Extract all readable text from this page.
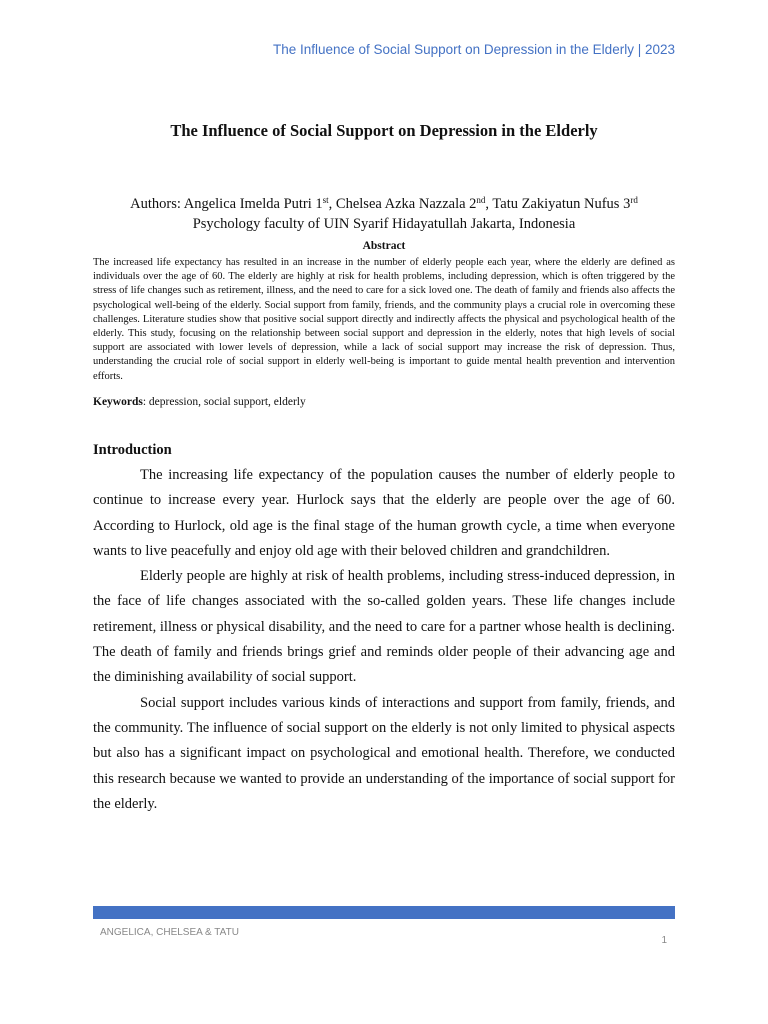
The Influence of Social Support on Depression in the Elderly | 2023
The Influence of Social Support on Depression in the Elderly
Authors: Angelica Imelda Putri 1st, Chelsea Azka Nazzala 2nd, Tatu Zakiyatun Nufus 3rd
Psychology faculty of UIN Syarif Hidayatullah Jakarta, Indonesia
Abstract

The increased life expectancy has resulted in an increase in the number of elderly people each year, where the elderly are defined as individuals over the age of 60. The elderly are highly at risk for health problems, including depression, which is often triggered by the stress of life changes such as retirement, illness, and the need to care for a sick loved one. The death of family and friends also affects the psychological well-being of the elderly. Social support from family, friends, and the community plays a crucial role in overcoming these challenges. Literature studies show that positive social support directly and indirectly affects the physical and psychological health of the elderly. This study, focusing on the relationship between social support and depression in the elderly, notes that high levels of social support are associated with lower levels of depression, while a lack of social support may increase the risk of depression. Thus, understanding the crucial role of social support in elderly well-being is important to guide mental health prevention and intervention efforts.

Keywords: depression, social support, elderly
Introduction

The increasing life expectancy of the population causes the number of elderly people to continue to increase every year. Hurlock says that the elderly are people over the age of 60. According to Hurlock, old age is the final stage of the human growth cycle, a time when everyone wants to live peacefully and enjoy old age with their beloved children and grandchildren.

Elderly people are highly at risk of health problems, including stress-induced depression, in the face of life changes associated with the so-called golden years. These life changes include retirement, illness or physical disability, and the need to care for a partner whose health is declining. The death of family and friends brings grief and reminds older people of their advancing age and the diminishing availability of social support.

Social support includes various kinds of interactions and support from family, friends, and the community. The influence of social support on the elderly is not only limited to physical aspects but also has a significant impact on psychological and emotional health. Therefore, we conducted this research because we wanted to provide an understanding of the importance of social support for the elderly.

ANGELICA, CHELSEA & TATU
1
